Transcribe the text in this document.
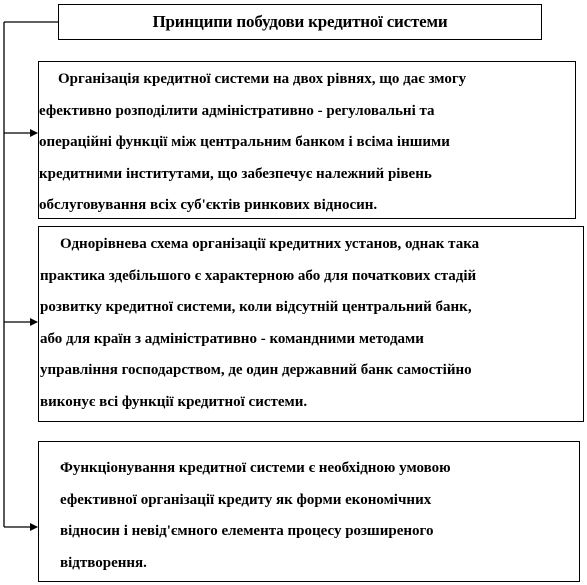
Принципи побудови кредитної системи

Організація кредитної системи на двох рівнях, що дає змогу
ефективно розподілити адміністративно - регуловальні та
операційні функції між центральним банком і всіма іншими
кредитними інститутами, що забезпечує належний рівень
обслуговування всіх суб'єктів ринкових відносин.

Однорівнева схема організації кредитних установ, однак така
практика здебільшого є характерною або для початкових стадій
розвитку кредитної системи, коли відсутній центральний банк,
або для країн з адміністративно - командними методами
управління господарством, де один державний банк самостійно
виконує всі функції кредитної системи.

Функціонування кредитної системи є необхідною умовою
ефективної організації кредиту як форми економічних
відносин і невід'ємного елемента процесу розширеного
відтворення.
